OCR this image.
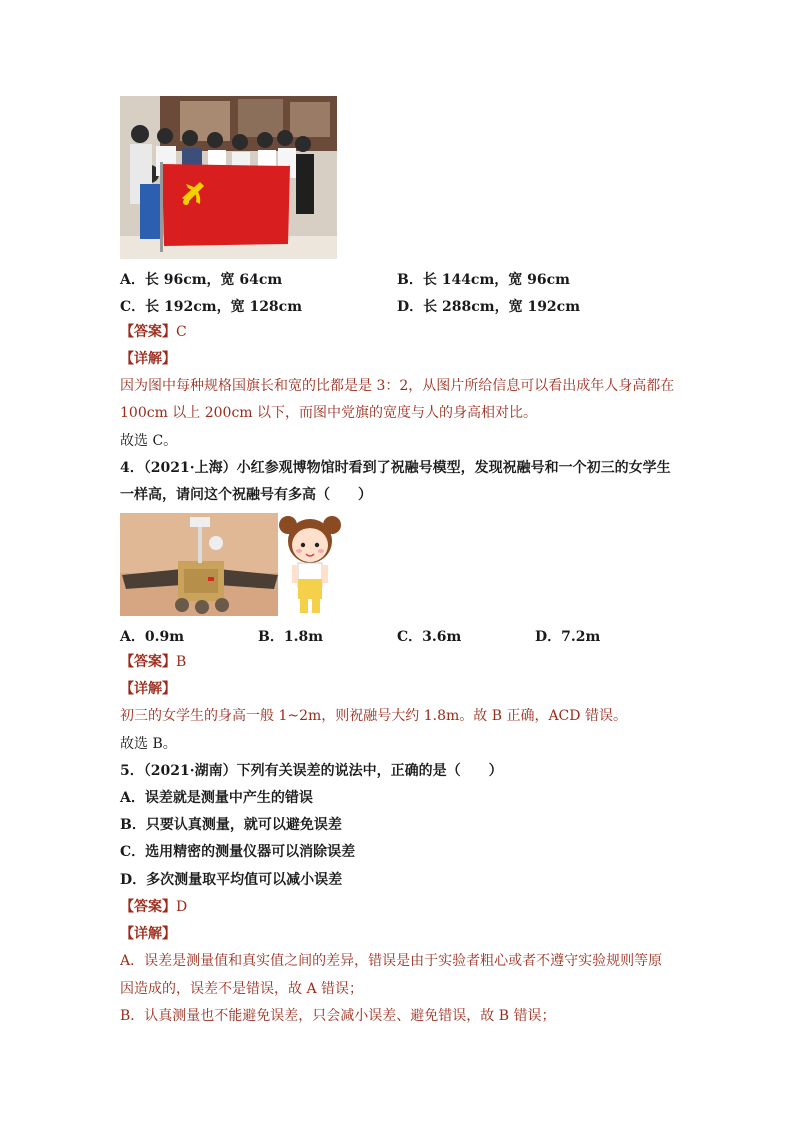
A．长 96cm，宽 64cm	B．长 144cm，宽 96cm
C．长 192cm，宽 128cm	D．长 288cm，宽 192cm
【答案】C
【详解】
因为图中每种规格国旗长和宽的比都是是 3：2，从图片所给信息可以看出成年人身高都在
100cm 以上 200cm 以下，而图中党旗的宽度与人的身高相对比。
故选 C。
4．（2021·上海）小红参观博物馆时看到了祝融号模型，发现祝融号和一个初三的女学生
一样高，请问这个祝融号有多高（　　）
A．0.9m	B．1.8m	C．3.6m	D．7.2m
【答案】B
【详解】
初三的女学生的身高一般 1~2m，则祝融号大约 1.8m。故 B 正确，ACD 错误。
故选 B。
5．（2021·湖南）下列有关误差的说法中，正确的是（　　）
A．误差就是测量中产生的错误
B．只要认真测量，就可以避免误差
C．选用精密的测量仪器可以消除误差
D．多次测量取平均值可以减小误差
【答案】D
【详解】
A．误差是测量值和真实值之间的差异，错误是由于实验者粗心或者不遵守实验规则等原
因造成的，误差不是错误，故 A 错误；
B．认真测量也不能避免误差，只会减小误差、避免错误，故 B 错误；
